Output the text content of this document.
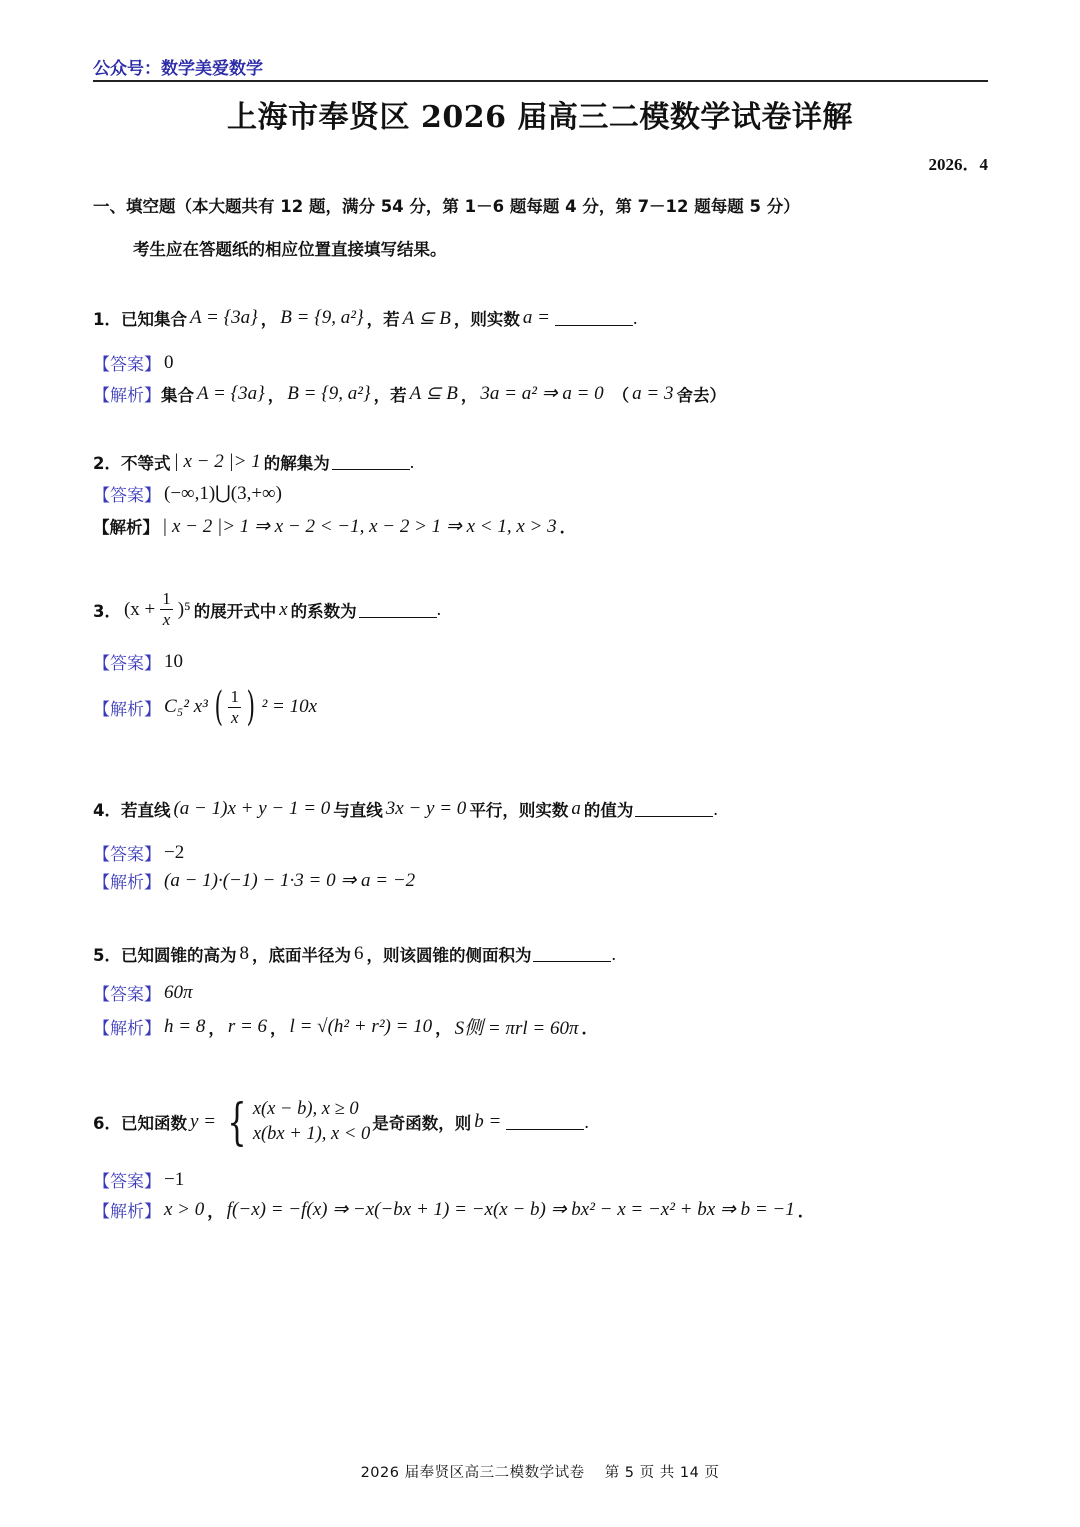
公众号：数学美爱数学
上海市奉贤区 2026 届高三二模数学试卷详解
2026．4
一、填空题（本大题共有 12 题，满分 54 分，第 1－6 题每题 4 分，第 7－12 题每题 5 分）
考生应在答题纸的相应位置直接填写结果。
1． 已知集合 A = {3a} ， B = {9, a²} ，若 A ⊆ B ，则实数 a =	.
【答案】 0
【解析】 集合 A = {3a} ， B = {9, a²} ，若 A ⊆ B ， 3a = a² ⇒ a = 0 （ a = 3 舍去）
2． 不等式 | x − 2 |> 1 的解集为	.
【答案】 (−∞,1)⋃(3,+∞)
【解析】 | x − 2 |> 1 ⇒ x − 2 < −1, x − 2 > 1 ⇒ x < 1, x > 3 ．
3． $(x + \frac{1}{x} )^5$ 的展开式中 x 的系数为	.
【答案】 10
【解析】 C₅² x³ ( $\frac{1}{x}$ ) ² = 10x
4． 若直线 (a − 1)x + y − 1 = 0 与直线 3x − y = 0 平行，则实数 a 的值为	.
【答案】 −2
【解析】 (a − 1)·(−1) − 1·3 = 0 ⇒ a = −2
5． 已知圆锥的高为 8 ，底面半径为 6 ，则该圆锥的侧面积为	.
【答案】 60π
【解析】 h = 8 ， r = 6 ， l = √(h² + r²) = 10 ， S侧 = πrl = 60π ．
6． 已知函数 y = { x(x − b), x ≥ 0
x(bx + 1), x < 0
是奇函数，则 b =	.
【答案】 −1
【解析】 x > 0 ， f(−x) = −f(x) ⇒ −x(−bx + 1) = −x(x − b) ⇒ bx² − x = −x² + bx ⇒ b = −1 ．
2026 届奉贤区高三二模数学试卷　 第 5 页 共 14 页
